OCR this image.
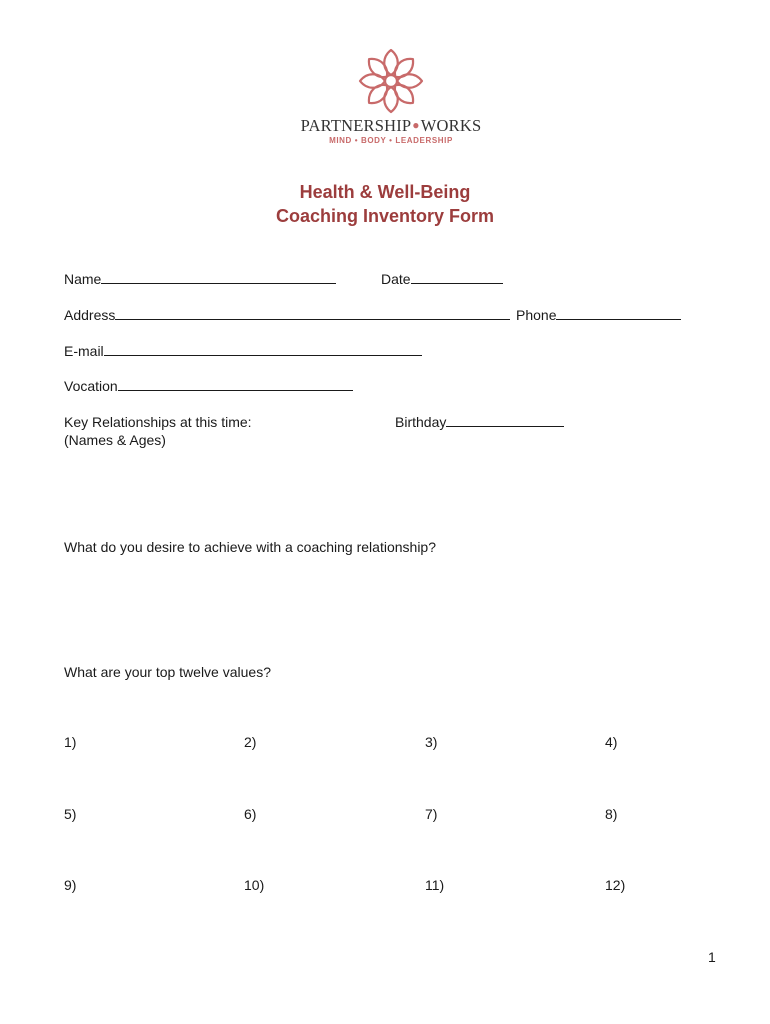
PARTNERSHIP●WORKS
MIND • BODY • LEADERSHIP
Health & Well-Being
Coaching Inventory Form
Name	Date
Address	Phone
E-mail
Vocation
Key Relationships at this time:
(Names & Ages)
Birthday
What do you desire to achieve with a coaching relationship?
What are your top twelve values?
1)	2)	3)	4)
5)	6)	7)	8)
9)	10)	11)	12)
1
